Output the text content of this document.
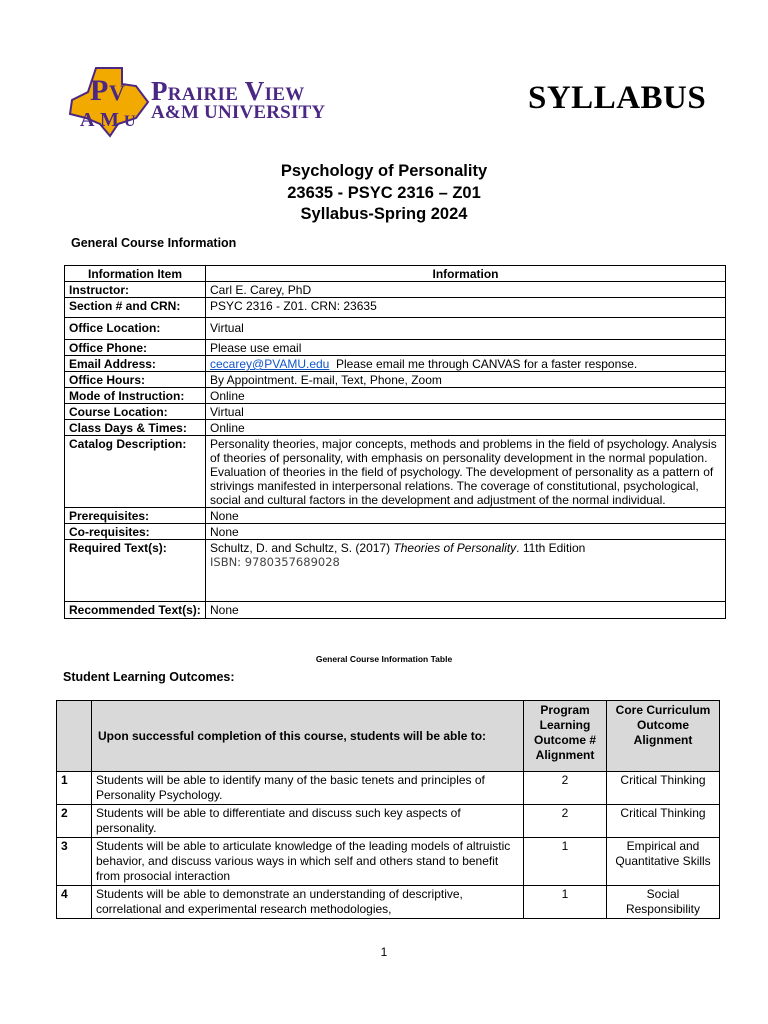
P V
A M U
Prairie View
A&M UNIVERSITY	SYLLABUS
Psychology of Personality
23635 - PSYC 2316 – Z01
Syllabus-Spring 2024
General Course Information
Information Item	Information
Instructor:	Carl E. Carey, PhD
Section # and CRN:	PSYC 2316 - Z01. CRN: 23635
Office Location:	Virtual
Office Phone:	Please use email
Email Address:	cecarey@PVAMU.edu  Please email me through CANVAS for a faster response.
Office Hours:	By Appointment. E-mail, Text, Phone, Zoom
Mode of Instruction:	Online
Course Location:	Virtual
Class Days & Times:	Online
Catalog Description:	Personality theories, major concepts, methods and problems in the field of psychology. Analysis of theories of personality, with emphasis on personality development in the normal population. Evaluation of theories in the field of psychology. The development of personality as a pattern of strivings manifested in interpersonal relations. The coverage of constitutional, psychological, social and cultural factors in the development and adjustment of the normal individual.
Prerequisites:	None
Co-requisites:	None
Required Text(s):	Schultz, D. and Schultz, S. (2017) Theories of Personality. 11th Edition
ISBN: 9780357689028
Recommended Text(s):	None
General Course Information Table
Student Learning Outcomes:
	Upon successful completion of this course, students will be able to:	Program Learning Outcome # Alignment	Core Curriculum Outcome Alignment
1	Students will be able to identify many of the basic tenets and principles of Personality Psychology.	2	Critical Thinking
2	Students will be able to differentiate and discuss such key aspects of personality.	2	Critical Thinking
3	Students will be able to articulate knowledge of the leading models of altruistic behavior, and discuss various ways in which self and others stand to benefit from prosocial interaction	1	Empirical and Quantitative Skills
4	Students will be able to demonstrate an understanding of descriptive, correlational and experimental research methodologies,	1	Social Responsibility
1
